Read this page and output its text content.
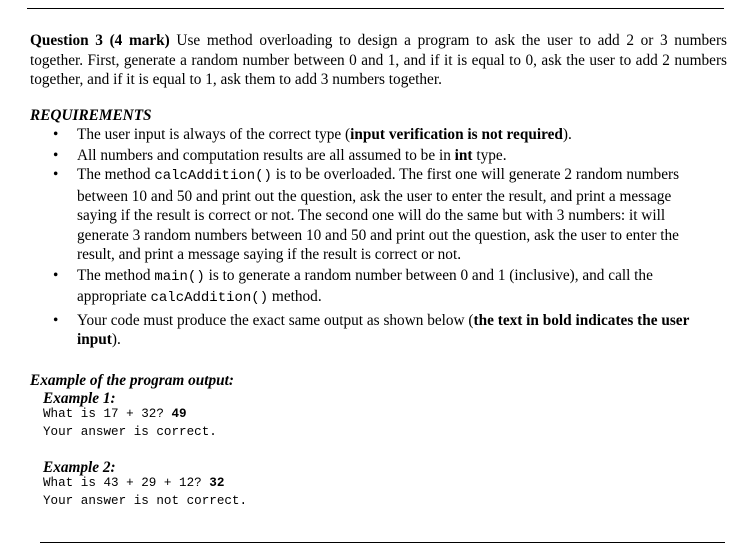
Question 3 (4 mark) Use method overloading to design a program to ask the user to add 2 or 3 numbers together. First, generate a random number between 0 and 1, and if it is equal to 0, ask the user to add 2 numbers together, and if it is equal to 1, ask them to add 3 numbers together.
REQUIREMENTS
• The user input is always of the correct type (input verification is not required).
• All numbers and computation results are all assumed to be in int type.
• The method calcAddition() is to be overloaded. The first one will generate 2 random numbers between 10 and 50 and print out the question, ask the user to enter the result, and print a message saying if the result is correct or not. The second one will do the same but with 3 numbers: it will generate 3 random numbers between 10 and 50 and print out the question, ask the user to enter the result, and print a message saying if the result is correct or not.
• The method main() is to generate a random number between 0 and 1 (inclusive), and call the appropriate calcAddition() method.
• Your code must produce the exact same output as shown below (the text in bold indicates the user input).
Example of the program output:
Example 1:
What is 17 + 32? 49
Your answer is correct.
Example 2:
What is 43 + 29 + 12? 32
Your answer is not correct.
